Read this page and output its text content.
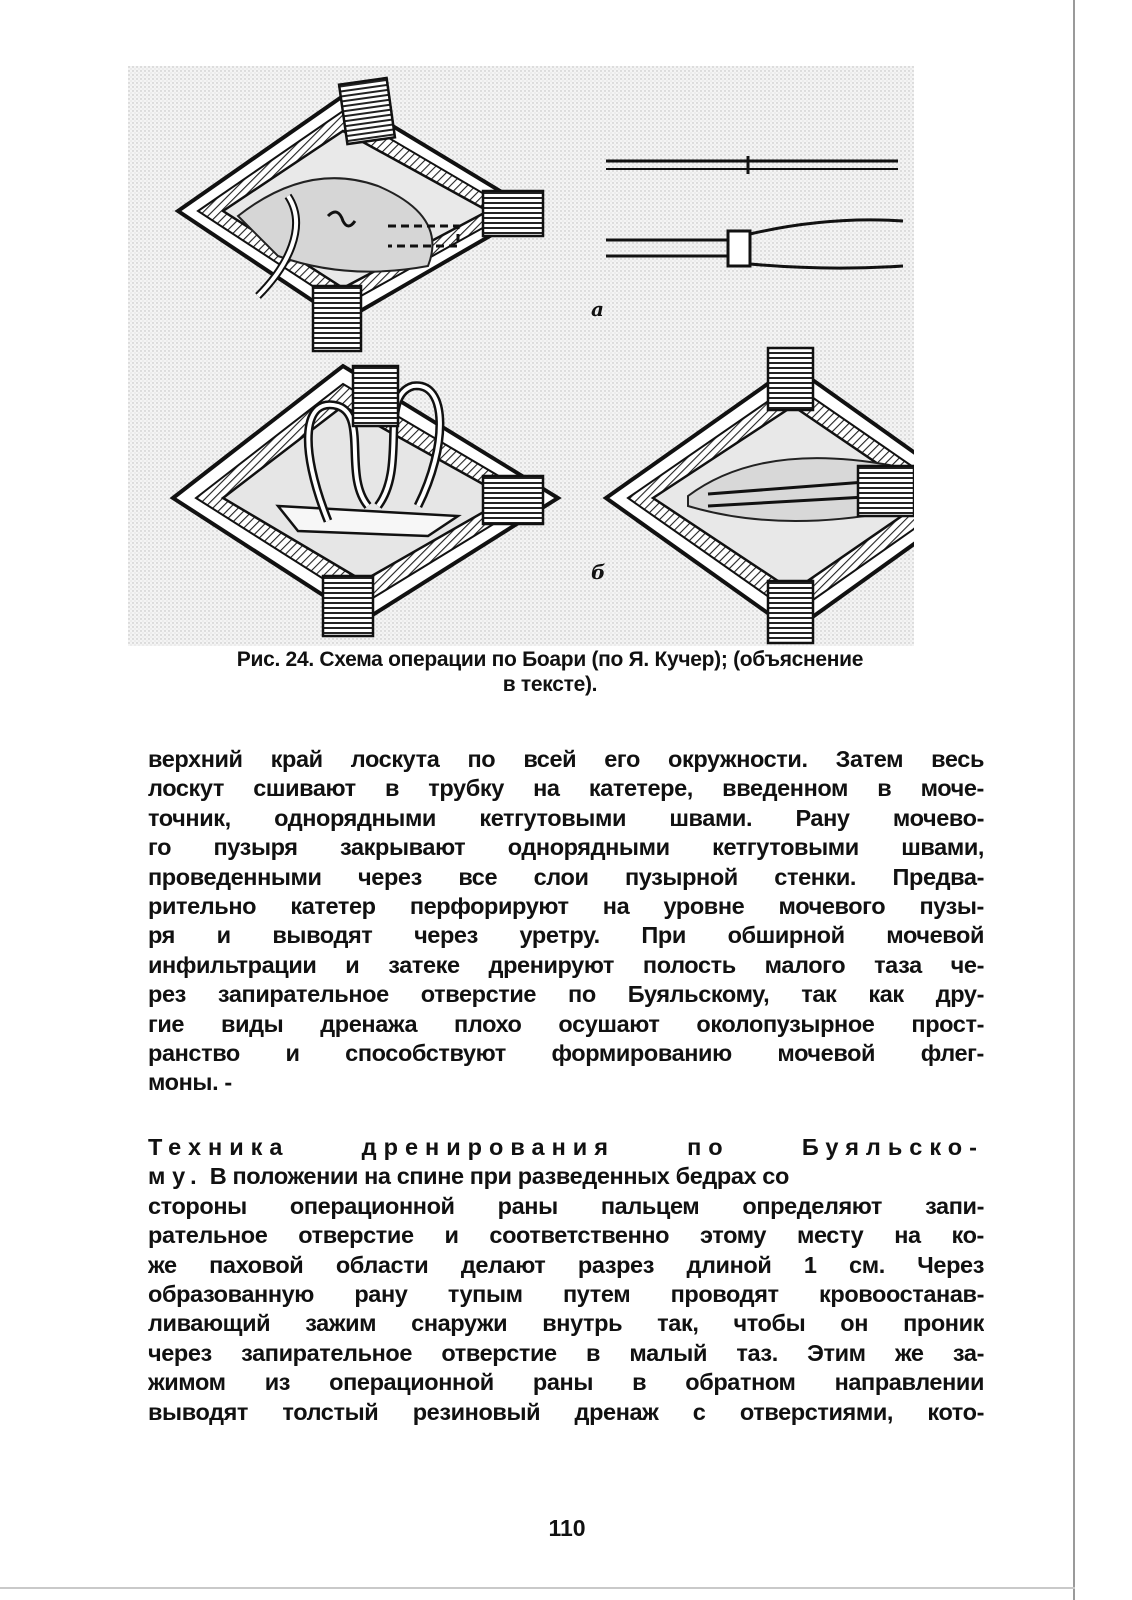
а
б
Рис. 24. Схема операции по Боари (по Я. Кучер); (объяснение
в тексте).
верхний край лоскута по всей его окружности. Затем весь
лоскут сшивают в трубку на катетере, введенном в моче-
точник, однорядными кетгутовыми швами. Рану мочево-
го пузыря закрывают однорядными кетгутовыми швами,
проведенными через все слои пузырной стенки. Предва-
рительно катетер перфорируют на уровне мочевого пузы-
ря и выводят через уретру. При обширной мочевой
инфильтрации и затеке дренируют полость малого таза че-
рез запирательное отверстие по Буяльскому, так как дру-
гие виды дренажа плохо осушают околопузырное прост-
ранство и способствуют формированию мочевой флег-
моны. -
Техника дренирования по Буяльско-
му. В положении на спине при разведенных бедрах со
стороны операционной раны пальцем определяют запи-
рательное отверстие и соответственно этому месту на ко-
же паховой области делают разрез длиной 1 см. Через
образованную рану тупым путем проводят кровоостанав-
ливающий зажим снаружи внутрь так, чтобы он проник
через запирательное отверстие в малый таз. Этим же за-
жимом из операционной раны в обратном направлении
выводят толстый резиновый дренаж с отверстиями, кото-
110
